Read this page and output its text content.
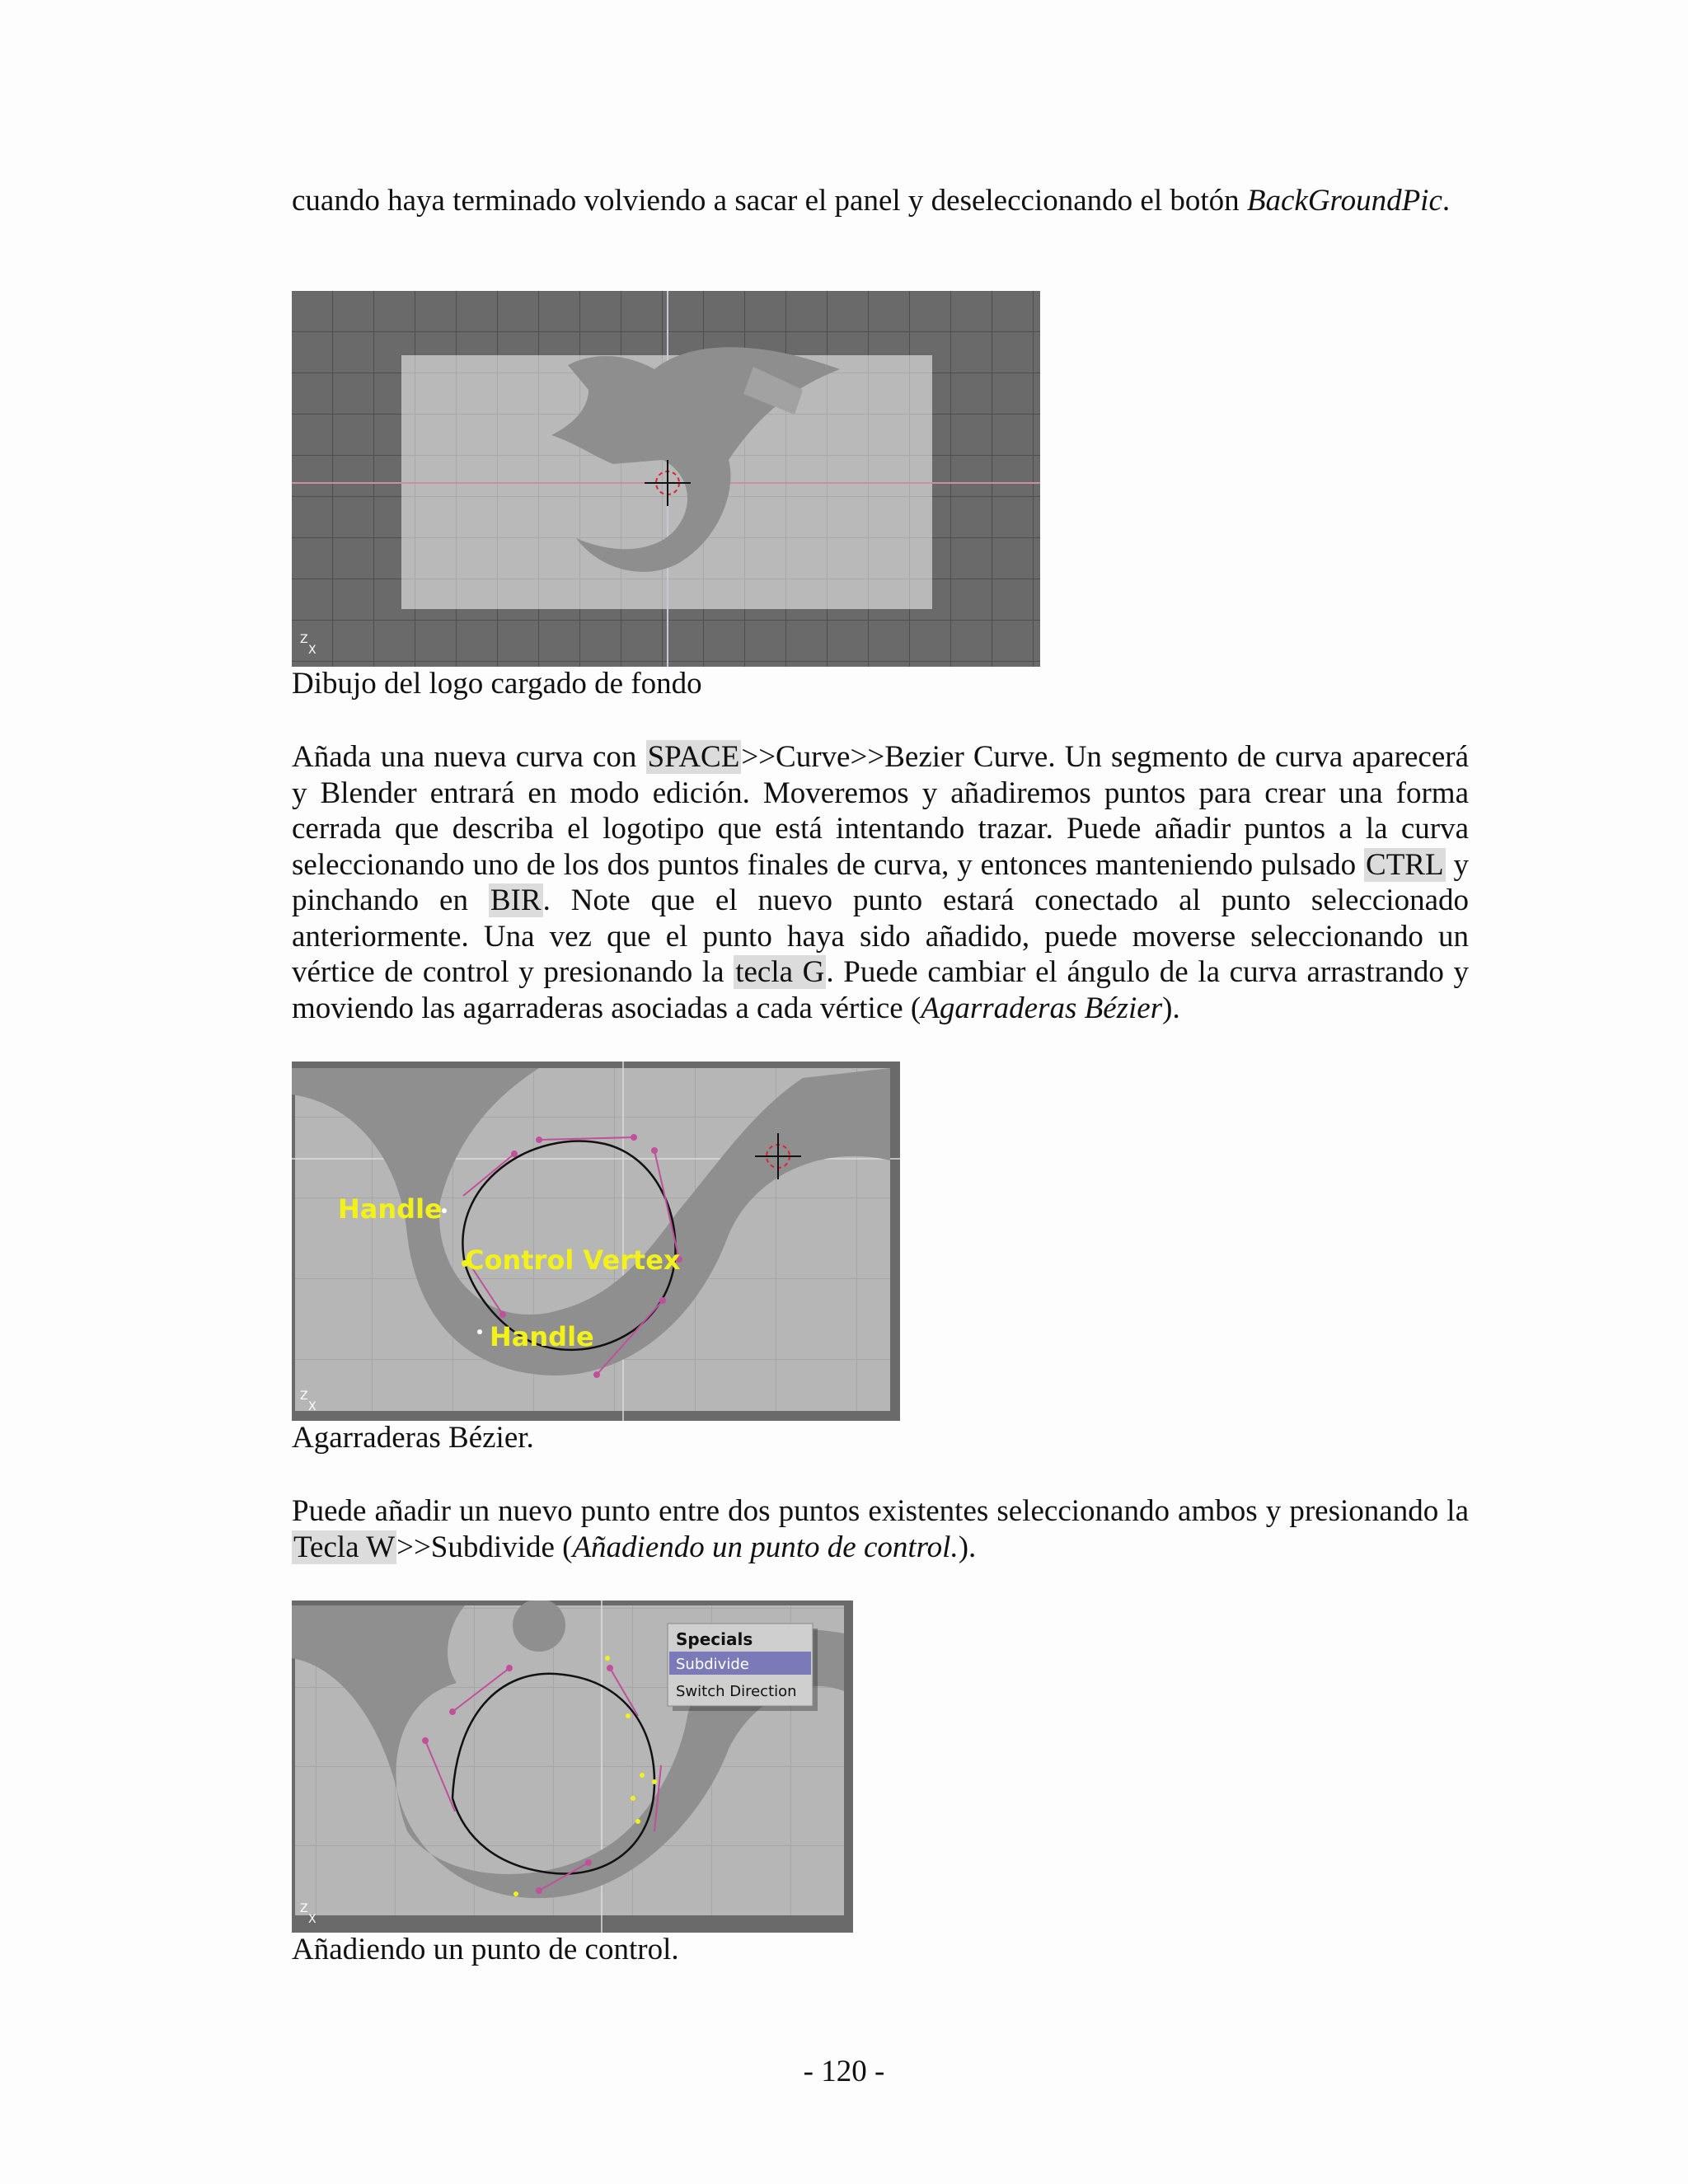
cuando haya terminado volviendo a sacar el panel y deseleccionando el botón BackGroundPic.

Z
X

Dibujo del logo cargado de fondo

Añada una nueva curva con SPACE>>Curve>>Bezier Curve. Un segmento de curva aparecerá y Blender entrará en modo edición. Moveremos y añadiremos puntos para crear una forma cerrada que describa el logotipo que está intentando trazar. Puede añadir puntos a la curva seleccionando uno de los dos puntos finales de curva, y entonces manteniendo pulsado CTRL y pinchando en BIR. Note que el nuevo punto estará conectado al punto seleccionado anteriormente. Una vez que el punto haya sido añadido, puede moverse seleccionando un vértice de control y presionando la tecla G. Puede cambiar el ángulo de la curva arrastrando y moviendo las agarraderas asociadas a cada vértice (Agarraderas Bézier).

Handle
Control Vertex
Handle
Z
X

Agarraderas Bézier.

Puede añadir un nuevo punto entre dos puntos existentes seleccionando ambos y presionando la Tecla W>>Subdivide (Añadiendo un punto de control.).

Specials
Subdivide
Switch Direction
Z
X

Añadiendo un punto de control.

- 120 -
